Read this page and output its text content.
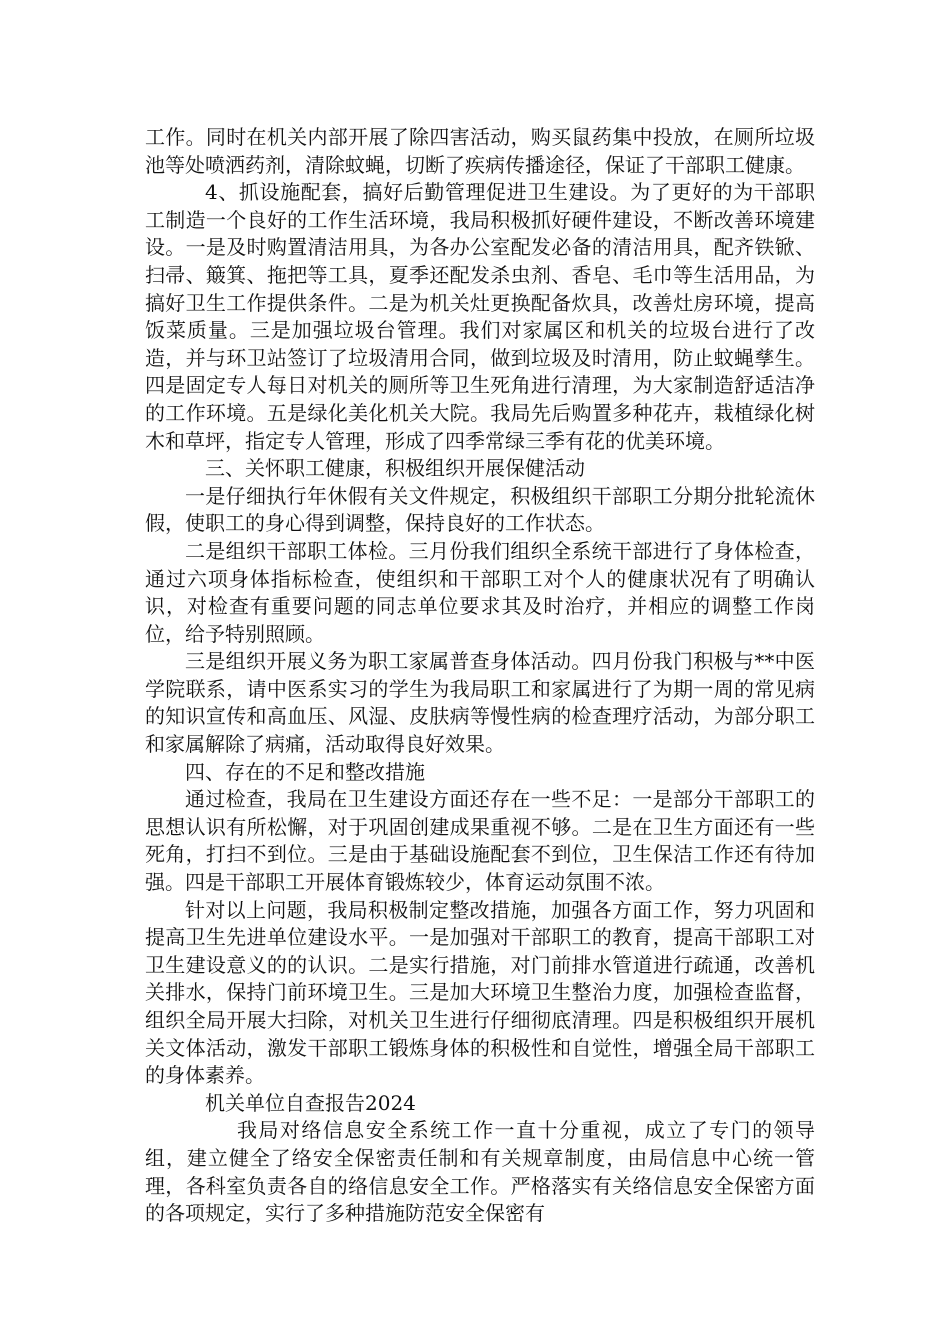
工作。同时在机关内部开展了除四害活动，购买鼠药集中投放，在厕所垃圾池等处喷洒药剂，清除蚊蝇，切断了疾病传播途径，保证了干部职工健康。

4、抓设施配套，搞好后勤管理促进卫生建设。为了更好的为干部职工制造一个良好的工作生活环境，我局积极抓好硬件建设，不断改善环境建设。一是及时购置清洁用具，为各办公室配发必备的清洁用具，配齐铁锨、扫帚、簸箕、拖把等工具，夏季还配发杀虫剂、香皂、毛巾等生活用品，为搞好卫生工作提供条件。二是为机关灶更换配备炊具，改善灶房环境，提高饭菜质量。三是加强垃圾台管理。我们对家属区和机关的垃圾台进行了改造，并与环卫站签订了垃圾清用合同，做到垃圾及时清用，防止蚊蝇孳生。四是固定专人每日对机关的厕所等卫生死角进行清理，为大家制造舒适洁净的工作环境。五是绿化美化机关大院。我局先后购置多种花卉，栽植绿化树木和草坪，指定专人管理，形成了四季常绿三季有花的优美环境。

三、关怀职工健康，积极组织开展保健活动

一是仔细执行年休假有关文件规定，积极组织干部职工分期分批轮流休假，使职工的身心得到调整，保持良好的工作状态。

二是组织干部职工体检。三月份我们组织全系统干部进行了身体检查，通过六项身体指标检查，使组织和干部职工对个人的健康状况有了明确认识，对检查有重要问题的同志单位要求其及时治疗，并相应的调整工作岗位，给予特别照顾。

三是组织开展义务为职工家属普查身体活动。四月份我门积极与**中医学院联系，请中医系实习的学生为我局职工和家属进行了为期一周的常见病的知识宣传和高血压、风湿、皮肤病等慢性病的检查理疗活动，为部分职工和家属解除了病痛，活动取得良好效果。

四、存在的不足和整改措施

通过检查，我局在卫生建设方面还存在一些不足：一是部分干部职工的思想认识有所松懈，对于巩固创建成果重视不够。二是在卫生方面还有一些死角，打扫不到位。三是由于基础设施配套不到位，卫生保洁工作还有待加强。四是干部职工开展体育锻炼较少，体育运动氛围不浓。

针对以上问题，我局积极制定整改措施，加强各方面工作，努力巩固和提高卫生先进单位建设水平。一是加强对干部职工的教育，提高干部职工对卫生建设意义的的认识。二是实行措施，对门前排水管道进行疏通，改善机关排水，保持门前环境卫生。三是加大环境卫生整治力度，加强检查监督，组织全局开展大扫除，对机关卫生进行仔细彻底清理。四是积极组织开展机关文体活动，激发干部职工锻炼身体的积极性和自觉性，增强全局干部职工的身体素养。

机关单位自查报告2024

我局对络信息安全系统工作一直十分重视，成立了专门的领导组，建立健全了络安全保密责任制和有关规章制度，由局信息中心统一管理，各科室负责各自的络信息安全工作。严格落实有关络信息安全保密方面的各项规定，实行了多种措施防范安全保密有
